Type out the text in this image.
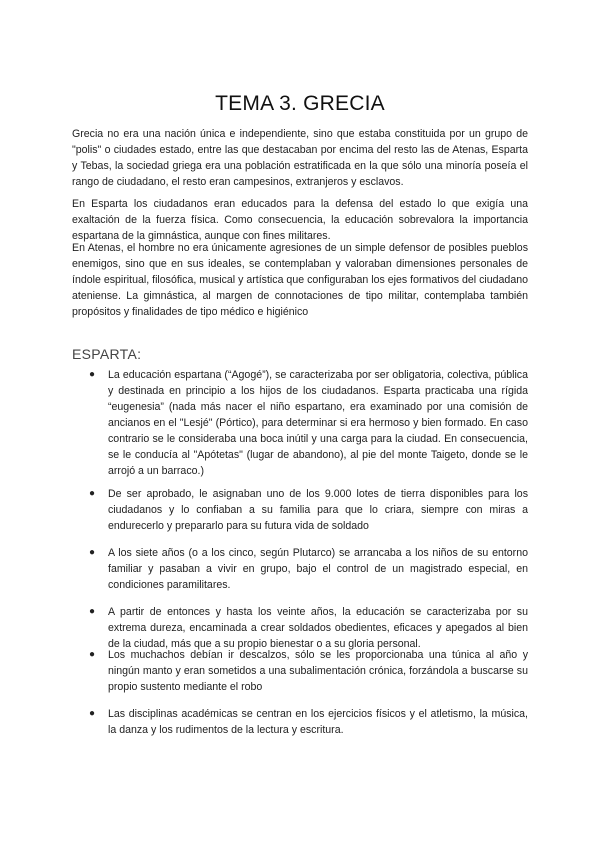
TEMA 3. GRECIA

Grecia no era una nación única e independiente, sino que estaba constituida por un grupo de "polis" o ciudades estado, entre las que destacaban por encima del resto las de Atenas, Esparta y Tebas, la sociedad griega era una población estratificada en la que sólo una minoría poseía el rango de ciudadano, el resto eran campesinos, extranjeros y esclavos.

En Esparta los ciudadanos eran educados para la defensa del estado lo que exigía una exaltación de la fuerza física. Como consecuencia, la educación sobrevalora la importancia espartana de la gimnástica, aunque con fines militares.

En Atenas, el hombre no era únicamente agresiones de un simple defensor de posibles pueblos enemigos, sino que en sus ideales, se contemplaban y valoraban dimensiones personales de índole espiritual, filosófica, musical y artística que configuraban los ejes formativos del ciudadano ateniense. La gimnástica, al margen de connotaciones de tipo militar, contemplaba también propósitos y finalidades de tipo médico e higiénico

ESPARTA:
● La educación espartana (“Agogé”), se caracterizaba por ser obligatoria, colectiva, pública y destinada en principio a los hijos de los ciudadanos. Esparta practicaba una rígida “eugenesia” (nada más nacer el niño espartano, era examinado por una comisión de ancianos en el "Lesjé" (Pórtico), para determinar si era hermoso y bien formado. En caso contrario se le consideraba una boca inútil y una carga para la ciudad. En consecuencia, se le conducía al "Apótetas" (lugar de abandono), al pie del monte Taigeto, donde se le arrojó a un barraco.)
● De ser aprobado, le asignaban uno de los 9.000 lotes de tierra disponibles para los ciudadanos y lo confiaban a su familia para que lo criara, siempre con miras a endurecerlo y prepararlo para su futura vida de soldado
● A los siete años (o a los cinco, según Plutarco) se arrancaba a los niños de su entorno familiar y pasaban a vivir en grupo, bajo el control de un magistrado especial, en condiciones paramilitares.
● A partir de entonces y hasta los veinte años, la educación se caracterizaba por su extrema dureza, encaminada a crear soldados obedientes, eficaces y apegados al bien de la ciudad, más que a su propio bienestar o a su gloria personal.
● Los muchachos debían ir descalzos, sólo se les proporcionaba una túnica al año y ningún manto y eran sometidos a una subalimentación crónica, forzándola a buscarse su propio sustento mediante el robo
● Las disciplinas académicas se centran en los ejercicios físicos y el atletismo, la música, la danza y los rudimentos de la lectura y escritura.
